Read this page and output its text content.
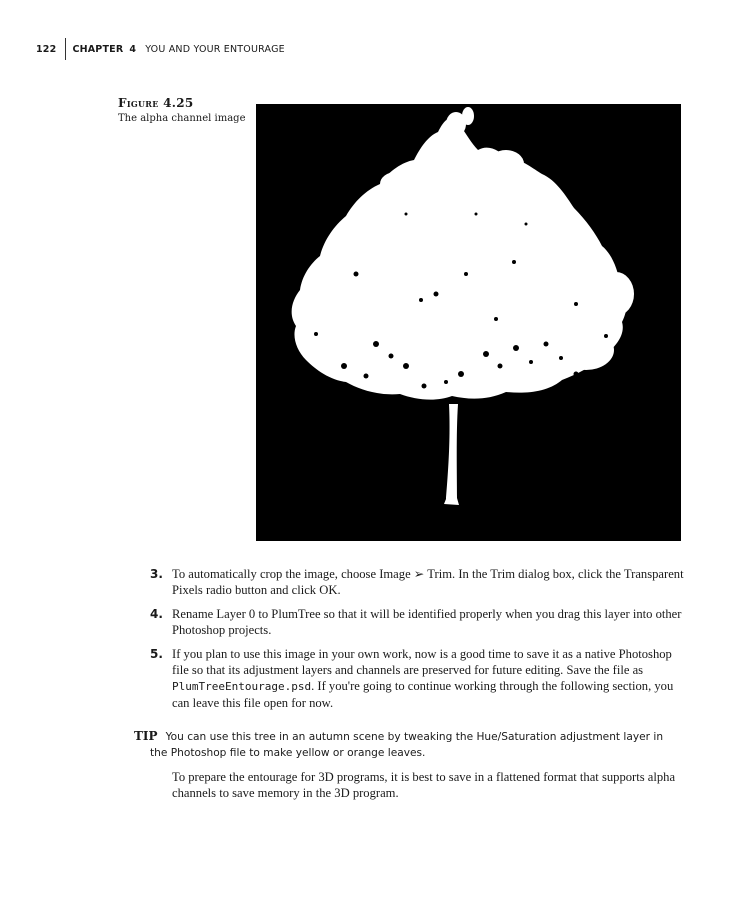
122	CHAPTER 4 YOU AND YOUR ENTOURAGE
Figure 4.25
The alpha channel image
3. To automatically crop the image, choose Image ➢ Trim. In the Trim dialog box, click the Transparent Pixels radio button and click OK.
4. Rename Layer 0 to PlumTree so that it will be identified properly when you drag this layer into other Photoshop projects.
5. If you plan to use this image in your own work, now is a good time to save it as a native Photoshop file so that its adjustment layers and channels are preserved for future editing. Save the file as PlumTreeEntourage.psd. If you're going to continue working through the following section, you can leave this file open for now.
TIP You can use this tree in an autumn scene by tweaking the Hue/Saturation adjustment layer in
the Photoshop file to make yellow or orange leaves.
To prepare the entourage for 3D programs, it is best to save in a flattened format that supports alpha channels to save memory in the 3D program.
